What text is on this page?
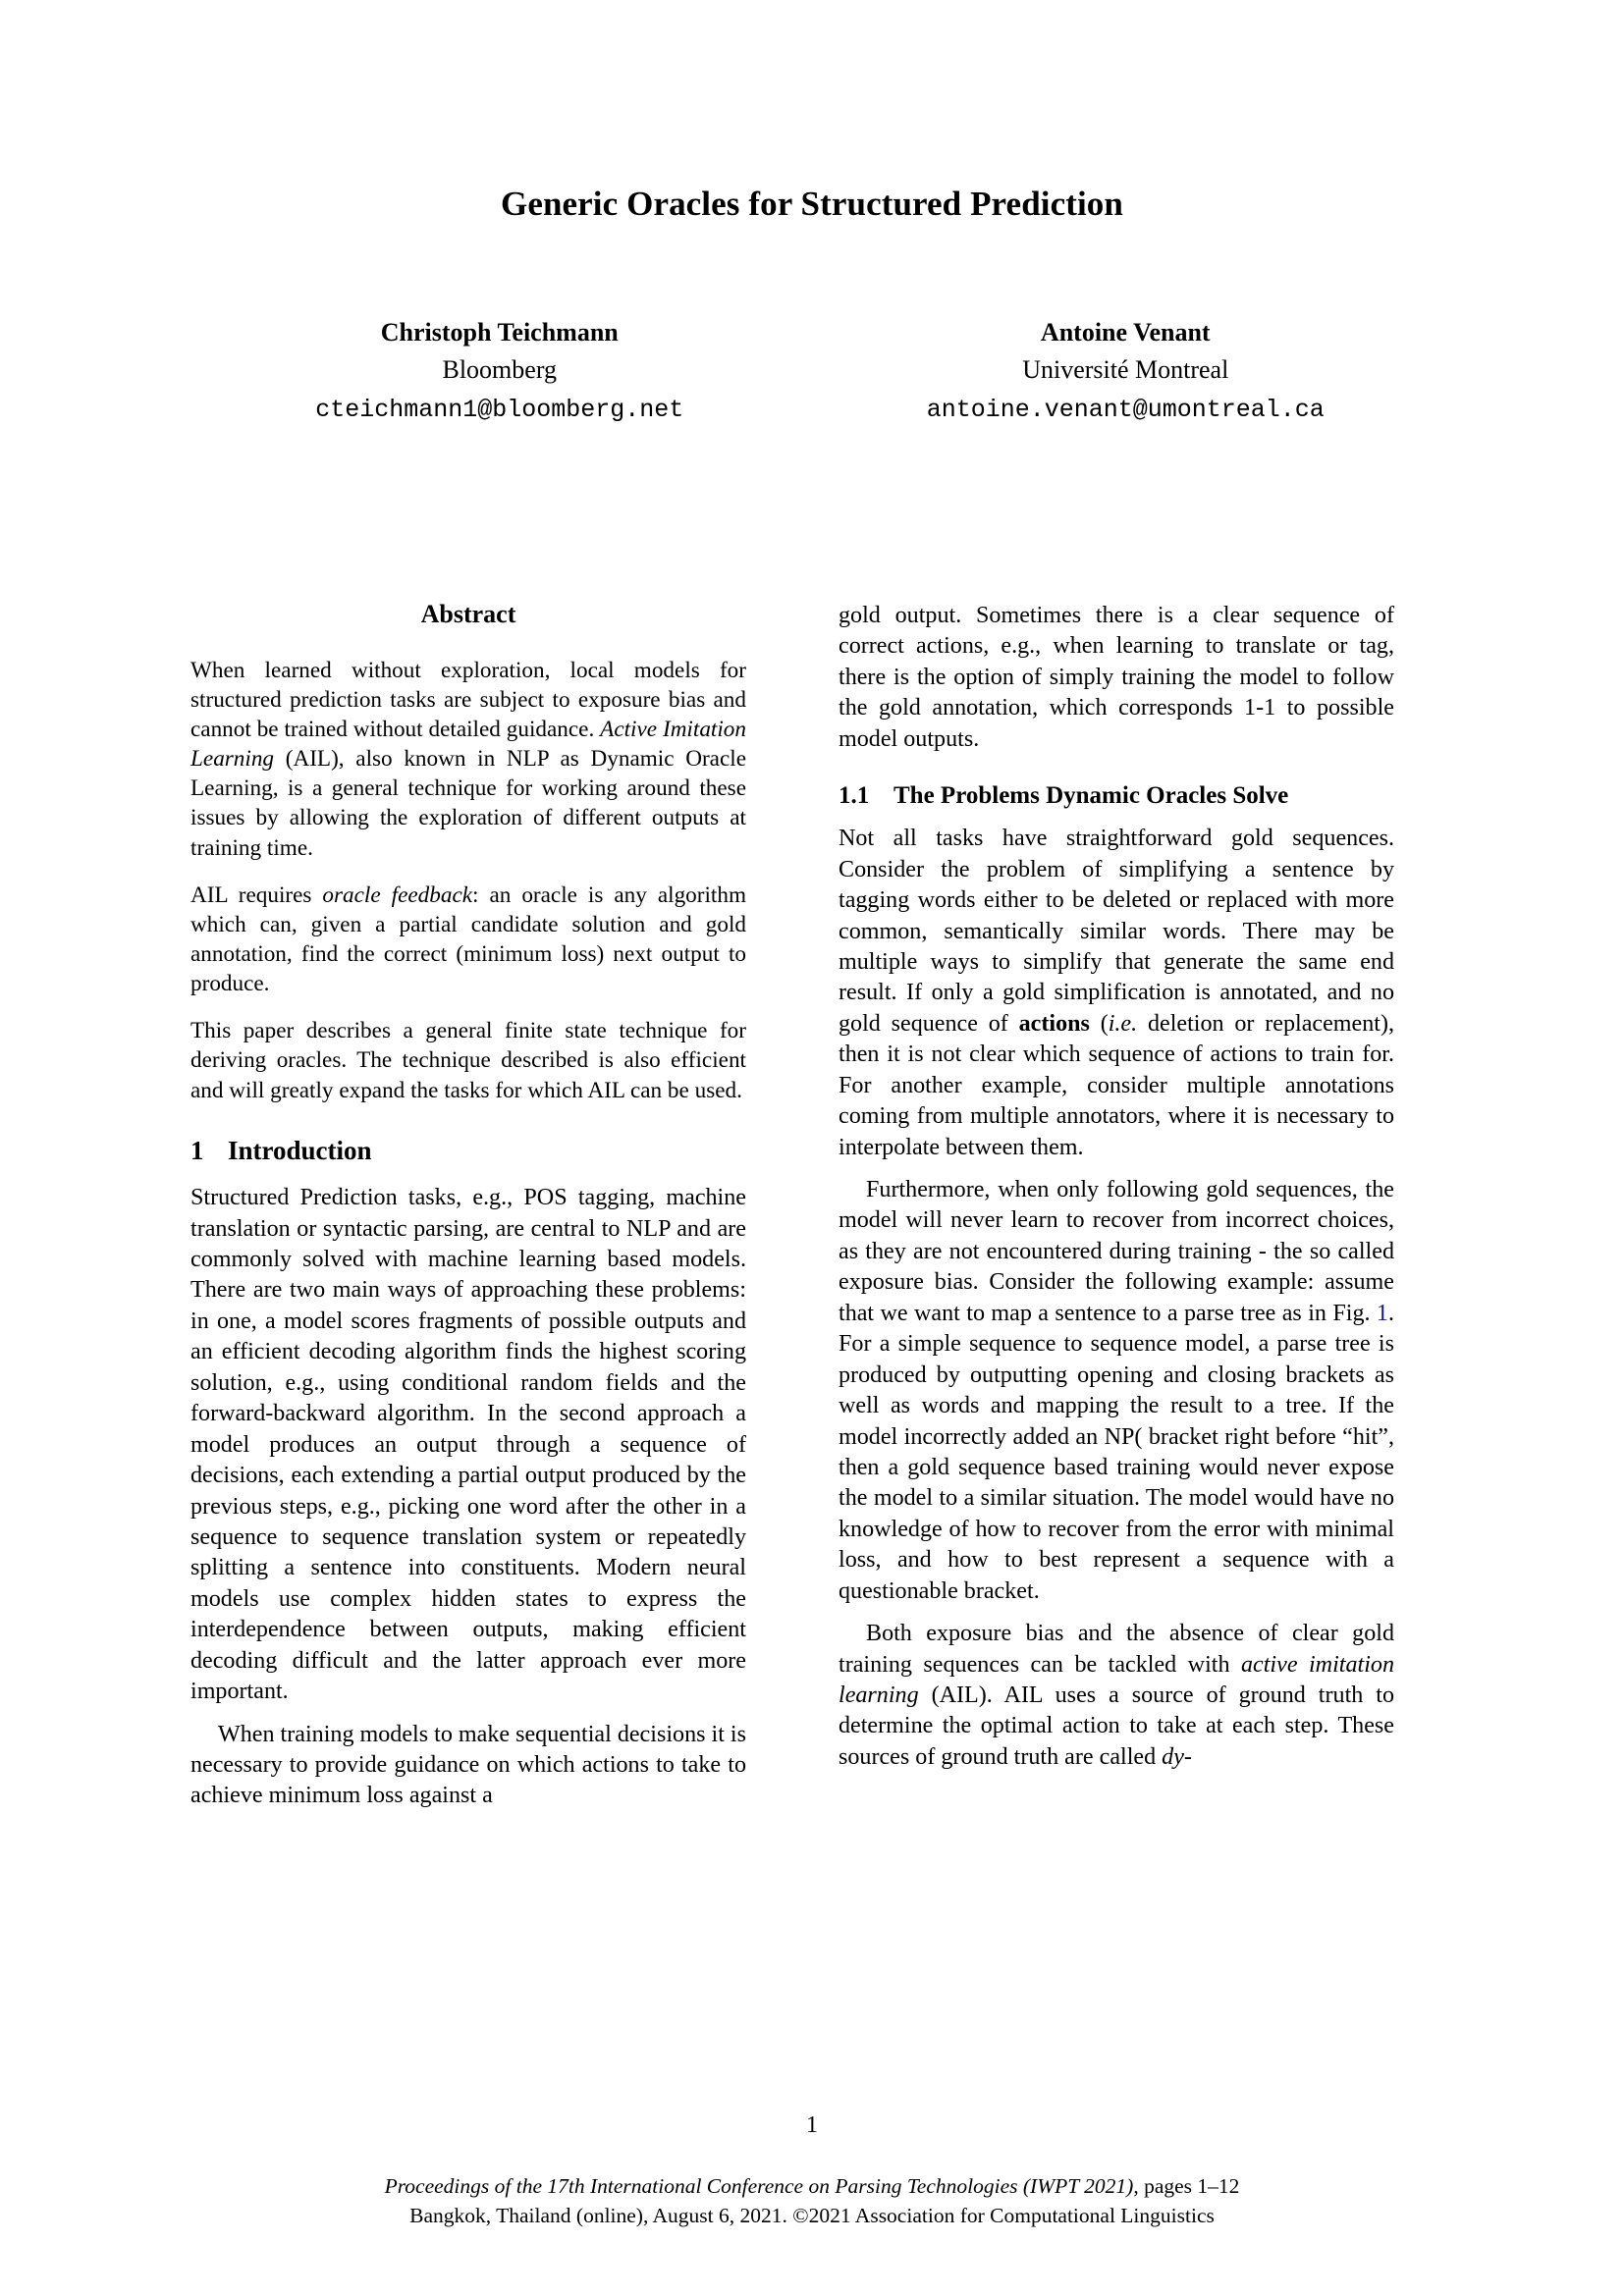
Generic Oracles for Structured Prediction
Christoph Teichmann
Bloomberg
cteichmann1@bloomberg.net
Antoine Venant
Université Montreal
antoine.venant@umontreal.ca
Abstract

When learned without exploration, local models for structured prediction tasks are subject to exposure bias and cannot be trained without detailed guidance. Active Imitation Learning (AIL), also known in NLP as Dynamic Oracle Learning, is a general technique for working around these issues by allowing the exploration of different outputs at training time.

AIL requires oracle feedback: an oracle is any algorithm which can, given a partial candidate solution and gold annotation, find the correct (minimum loss) next output to produce.

This paper describes a general finite state technique for deriving oracles. The technique described is also efficient and will greatly expand the tasks for which AIL can be used.

1 Introduction

Structured Prediction tasks, e.g., POS tagging, machine translation or syntactic parsing, are central to NLP and are commonly solved with machine learning based models. There are two main ways of approaching these problems: in one, a model scores fragments of possible outputs and an efficient decoding algorithm finds the highest scoring solution, e.g., using conditional random fields and the forward-backward algorithm. In the second approach a model produces an output through a sequence of decisions, each extending a partial output produced by the previous steps, e.g., picking one word after the other in a sequence to sequence translation system or repeatedly splitting a sentence into constituents. Modern neural models use complex hidden states to express the interdependence between outputs, making efficient decoding difficult and the latter approach ever more important.

When training models to make sequential decisions it is necessary to provide guidance on which actions to take to achieve minimum loss against a

gold output. Sometimes there is a clear sequence of correct actions, e.g., when learning to translate or tag, there is the option of simply training the model to follow the gold annotation, which corresponds 1-1 to possible model outputs.

1.1 The Problems Dynamic Oracles Solve

Not all tasks have straightforward gold sequences. Consider the problem of simplifying a sentence by tagging words either to be deleted or replaced with more common, semantically similar words. There may be multiple ways to simplify that generate the same end result. If only a gold simplification is annotated, and no gold sequence of actions (i.e. deletion or replacement), then it is not clear which sequence of actions to train for. For another example, consider multiple annotations coming from multiple annotators, where it is necessary to interpolate between them.

Furthermore, when only following gold sequences, the model will never learn to recover from incorrect choices, as they are not encountered during training - the so called exposure bias. Consider the following example: assume that we want to map a sentence to a parse tree as in Fig. 1. For a simple sequence to sequence model, a parse tree is produced by outputting opening and closing brackets as well as words and mapping the result to a tree. If the model incorrectly added an NP( bracket right before “hit”, then a gold sequence based training would never expose the model to a similar situation. The model would have no knowledge of how to recover from the error with minimal loss, and how to best represent a sequence with a questionable bracket.

Both exposure bias and the absence of clear gold training sequences can be tackled with active imitation learning (AIL). AIL uses a source of ground truth to determine the optimal action to take at each step. These sources of ground truth are called dy-

1
Proceedings of the 17th International Conference on Parsing Technologies (IWPT 2021), pages 1–12
Bangkok, Thailand (online), August 6, 2021. ©2021 Association for Computational Linguistics
